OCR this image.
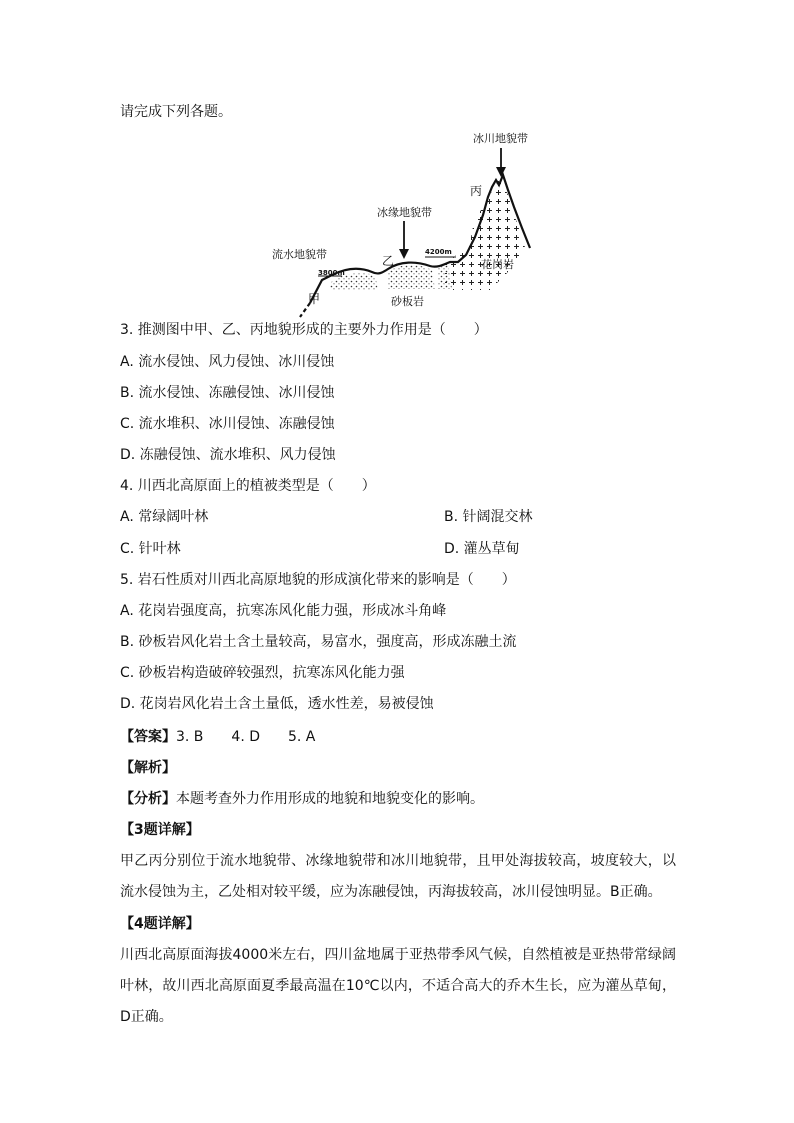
请完成下列各题。
冰川地貌带
丙
冰缘地貌带
乙
流水地貌带
3800m
4200m
花岗岩
甲	砂板岩
3. 推测图中甲、乙、丙地貌形成的主要外力作用是（　　）
A. 流水侵蚀、风力侵蚀、冰川侵蚀
B. 流水侵蚀、冻融侵蚀、冰川侵蚀
C. 流水堆积、冰川侵蚀、冻融侵蚀
D. 冻融侵蚀、流水堆积、风力侵蚀
4. 川西北高原面上的植被类型是（　　）
A. 常绿阔叶林	B. 针阔混交林
C. 针叶林	D. 灌丛草甸
5. 岩石性质对川西北高原地貌的形成演化带来的影响是（　　）
A. 花岗岩强度高，抗寒冻风化能力强，形成冰斗角峰
B. 砂板岩风化岩土含土量较高，易富水，强度高，形成冻融土流
C. 砂板岩构造破碎较强烈，抗寒冻风化能力强
D. 花岗岩风化岩土含土量低，透水性差，易被侵蚀
【答案】3. B　　4. D　　5. A
【解析】
【分析】本题考查外力作用形成的地貌和地貌变化的影响。
【3题详解】
甲乙丙分别位于流水地貌带、冰缘地貌带和冰川地貌带，且甲处海拔较高，坡度较大，以流水侵蚀为主，乙处相对较平缓，应为冻融侵蚀，丙海拔较高，冰川侵蚀明显。B正确。
【4题详解】
川西北高原面海拔4000米左右，四川盆地属于亚热带季风气候，自然植被是亚热带常绿阔叶林，故川西北高原面夏季最高温在10℃以内，不适合高大的乔木生长，应为灌丛草甸，D正确。
